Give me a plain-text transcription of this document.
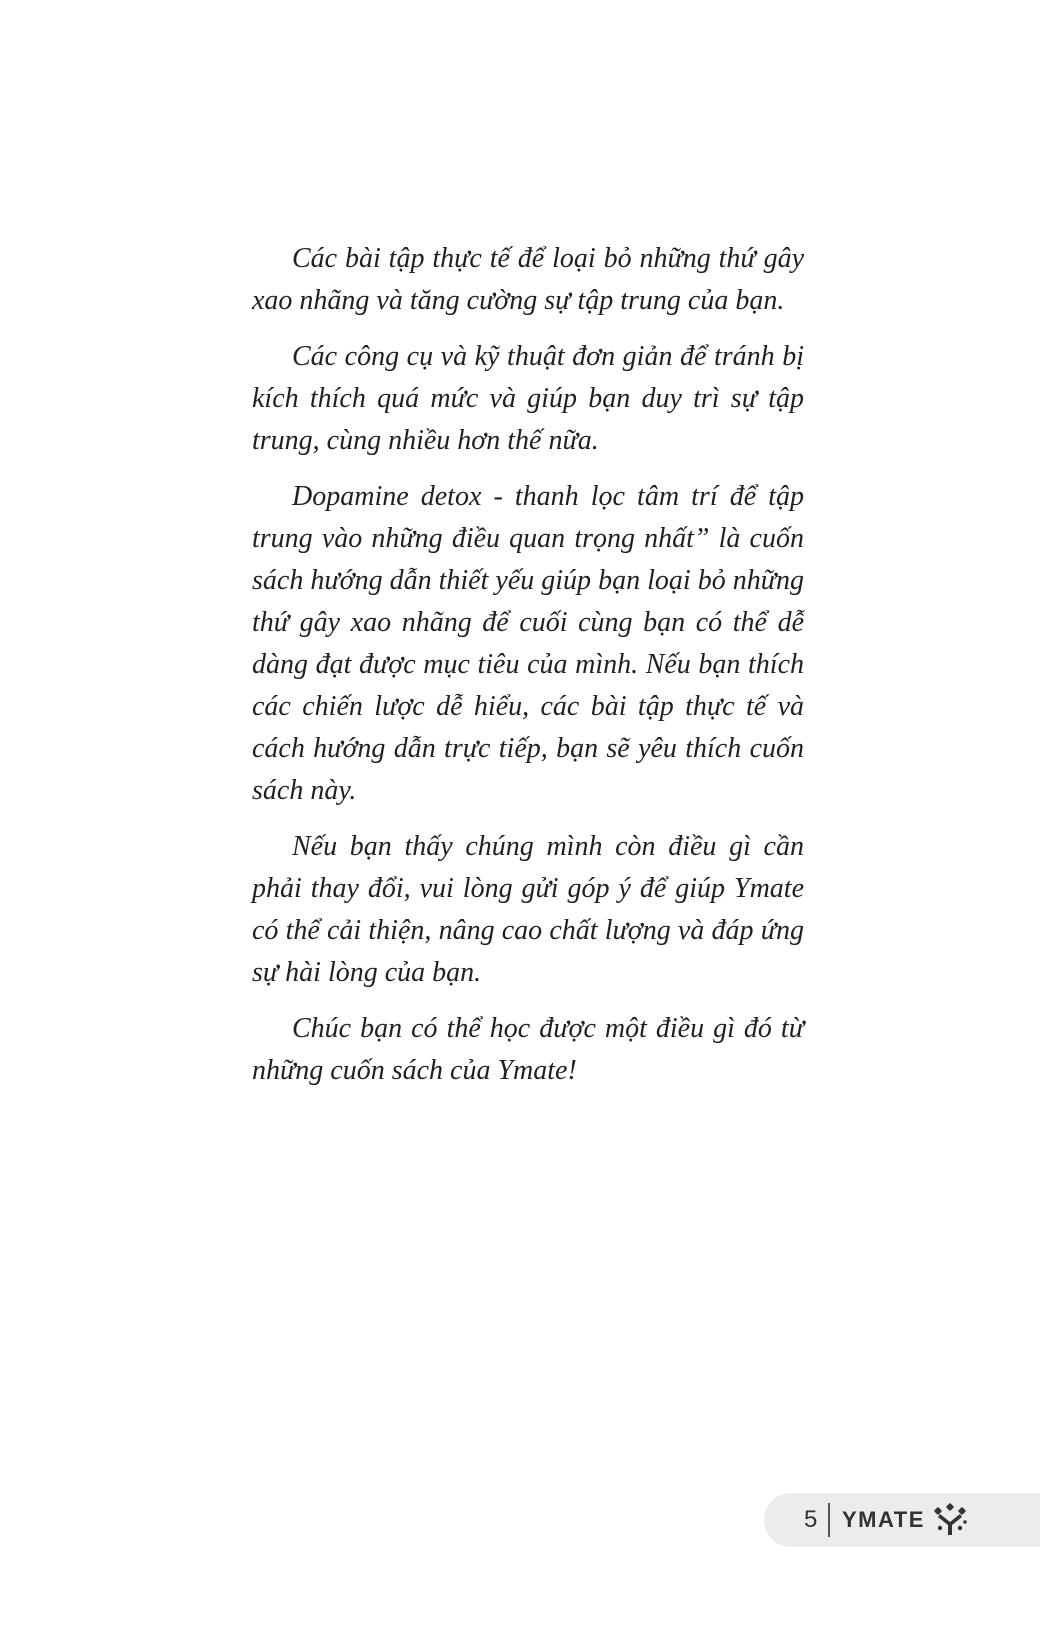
Các bài tập thực tế để loại bỏ những thứ gây xao nhãng và tăng cường sự tập trung của bạn.

Các công cụ và kỹ thuật đơn giản để tránh bị kích thích quá mức và giúp bạn duy trì sự tập trung, cùng nhiều hơn thế nữa.

Dopamine detox - thanh lọc tâm trí để tập trung vào những điều quan trọng nhất” là cuốn sách hướng dẫn thiết yếu giúp bạn loại bỏ những thứ gây xao nhãng để cuối cùng bạn có thể dễ dàng đạt được mục tiêu của mình. Nếu bạn thích các chiến lược dễ hiểu, các bài tập thực tế và cách hướng dẫn trực tiếp, bạn sẽ yêu thích cuốn sách này.

Nếu bạn thấy chúng mình còn điều gì cần phải thay đổi, vui lòng gửi góp ý để giúp Ymate có thể cải thiện, nâng cao chất lượng và đáp ứng sự hài lòng của bạn.

Chúc bạn có thể học được một điều gì đó từ những cuốn sách của Ymate!

5 YMATE
